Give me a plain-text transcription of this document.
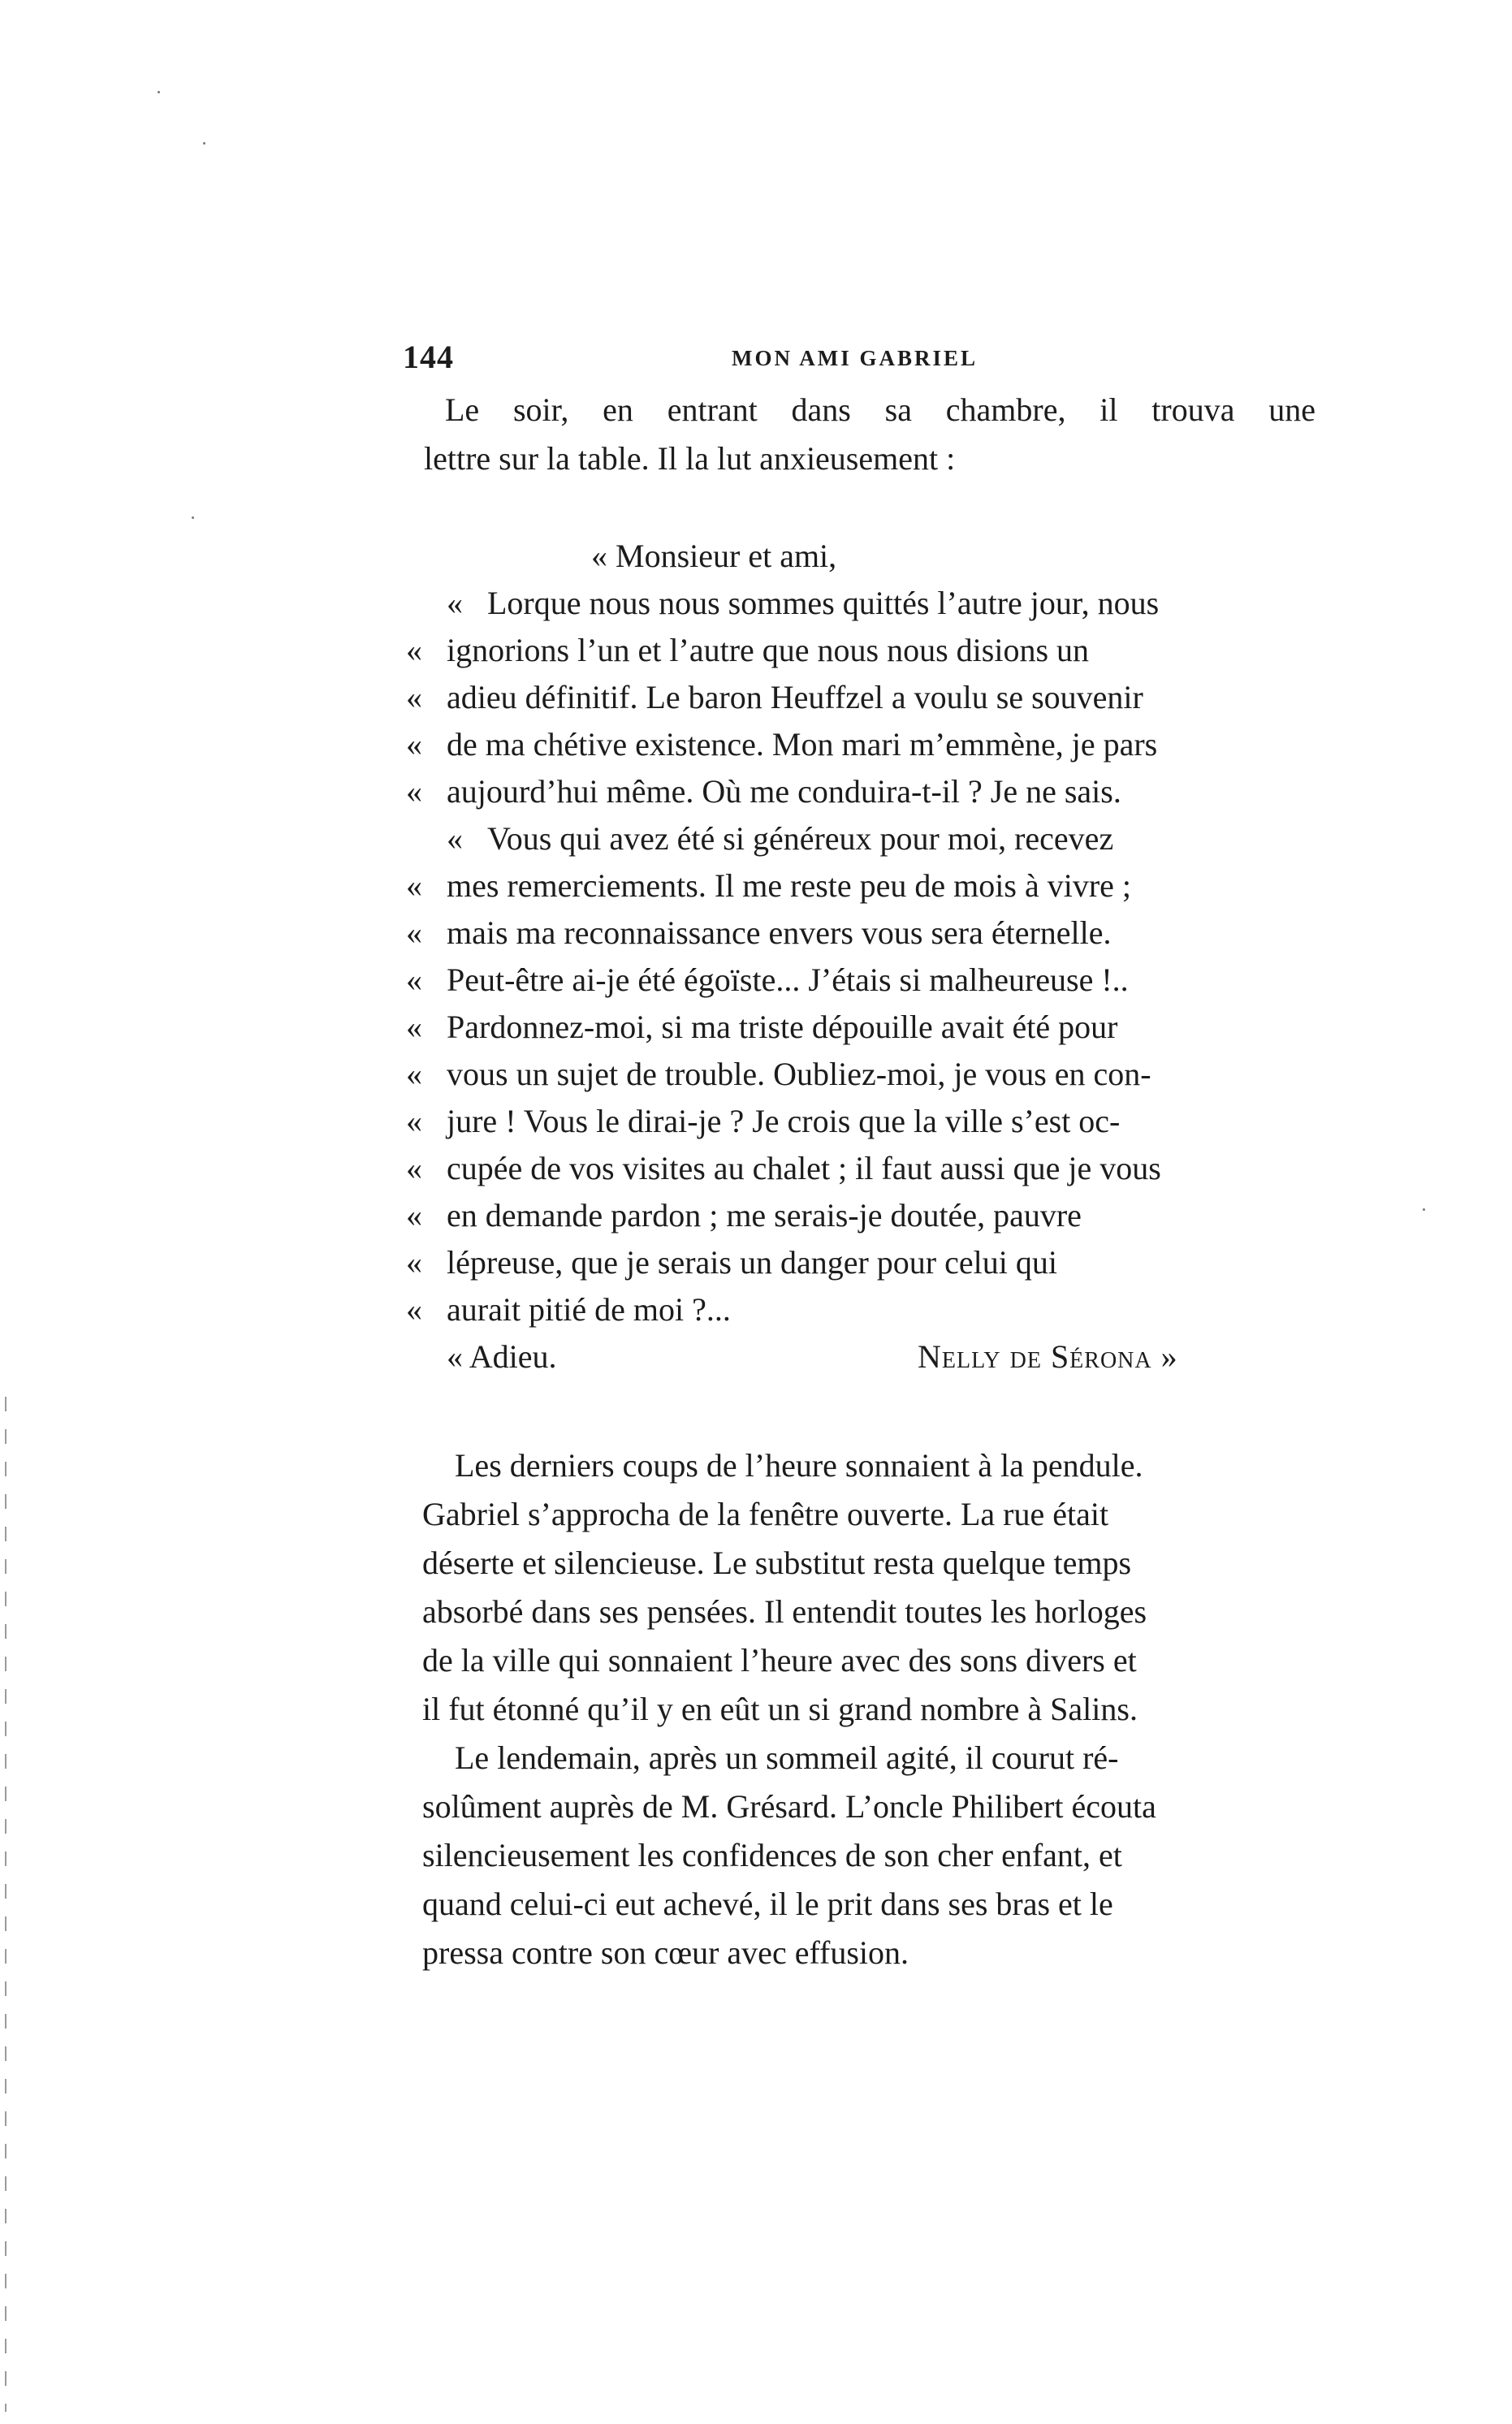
144	MON AMI GABRIEL

Le soir, en entrant dans sa chambre, il trouva une

lettre sur la table. Il la lut anxieusement :

« Monsieur et ami,

« Lorque nous nous sommes quittés l’autre jour, nous

« ignorions l’un et l’autre que nous nous disions un

« adieu définitif. Le baron Heuffzel a voulu se souvenir

« de ma chétive existence. Mon mari m’emmène, je pars

« aujourd’hui même. Où me conduira-t-il ? Je ne sais.

« Vous qui avez été si généreux pour moi, recevez

« mes remerciements. Il me reste peu de mois à vivre ;

« mais ma reconnaissance envers vous sera éternelle.

« Peut-être ai-je été égoïste... J’étais si malheureuse !..

« Pardonnez-moi, si ma triste dépouille avait été pour

« vous un sujet de trouble. Oubliez-moi, je vous en con-

« jure ! Vous le dirai-je ? Je crois que la ville s’est oc-

« cupée de vos visites au chalet ; il faut aussi que je vous

« en demande pardon ; me serais-je doutée, pauvre

« lépreuse, que je serais un danger pour celui qui

« aurait pitié de moi ?...

« Adieu.	Nelly de Sérona »

Les derniers coups de l’heure sonnaient à la pendule.

Gabriel s’approcha de la fenêtre ouverte. La rue était

déserte et silencieuse. Le substitut resta quelque temps

absorbé dans ses pensées. Il entendit toutes les horloges

de la ville qui sonnaient l’heure avec des sons divers et

il fut étonné qu’il y en eût un si grand nombre à Salins.

Le lendemain, après un sommeil agité, il courut ré-

solûment auprès de M. Grésard. L’oncle Philibert écouta

silencieusement les confidences de son cher enfant, et

quand celui-ci eut achevé, il le prit dans ses bras et le

pressa contre son cœur avec effusion.
